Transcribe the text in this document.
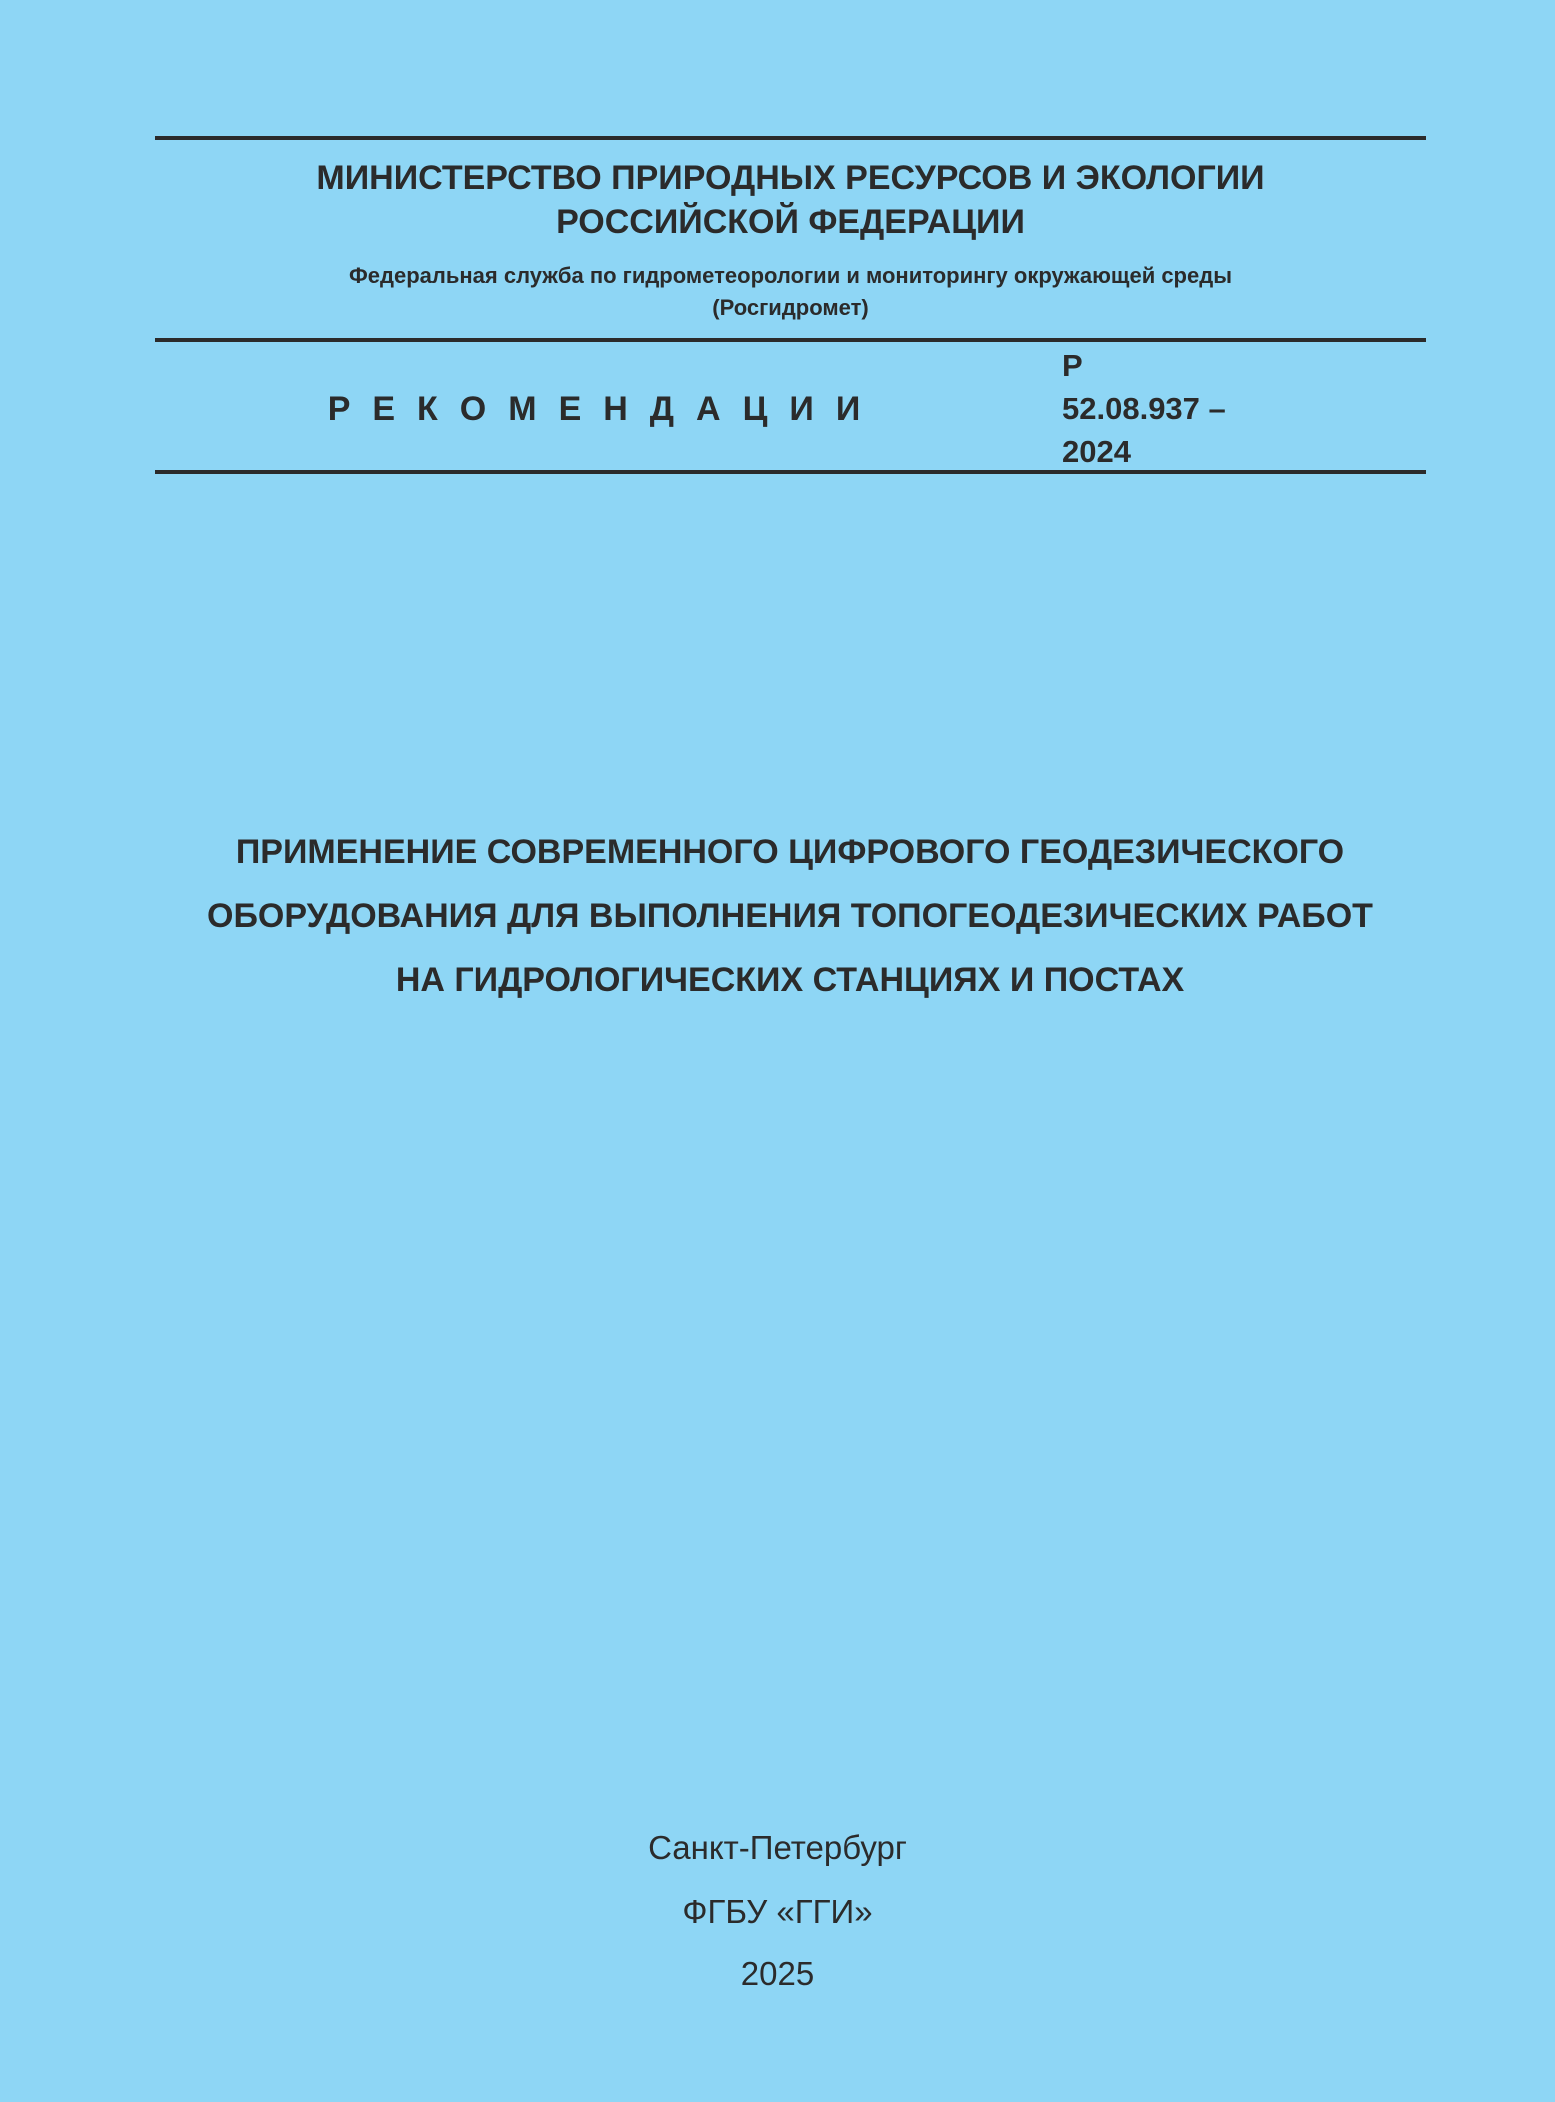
МИНИСТЕРСТВО ПРИРОДНЫХ РЕСУРСОВ И ЭКОЛОГИИ
РОССИЙСКОЙ ФЕДЕРАЦИИ
Федеральная служба по гидрометеорологии и мониторингу окружающей среды
(Росгидромет)
РЕКОМЕНДАЦИИ
Р
52.08.937 –
2024
ПРИМЕНЕНИЕ СОВРЕМЕННОГО ЦИФРОВОГО ГЕОДЕЗИЧЕСКОГО
ОБОРУДОВАНИЯ ДЛЯ ВЫПОЛНЕНИЯ ТОПОГЕОДЕЗИЧЕСКИХ РАБОТ
НА ГИДРОЛОГИЧЕСКИХ СТАНЦИЯХ И ПОСТАХ
Санкт-Петербург
ФГБУ «ГГИ»
2025
